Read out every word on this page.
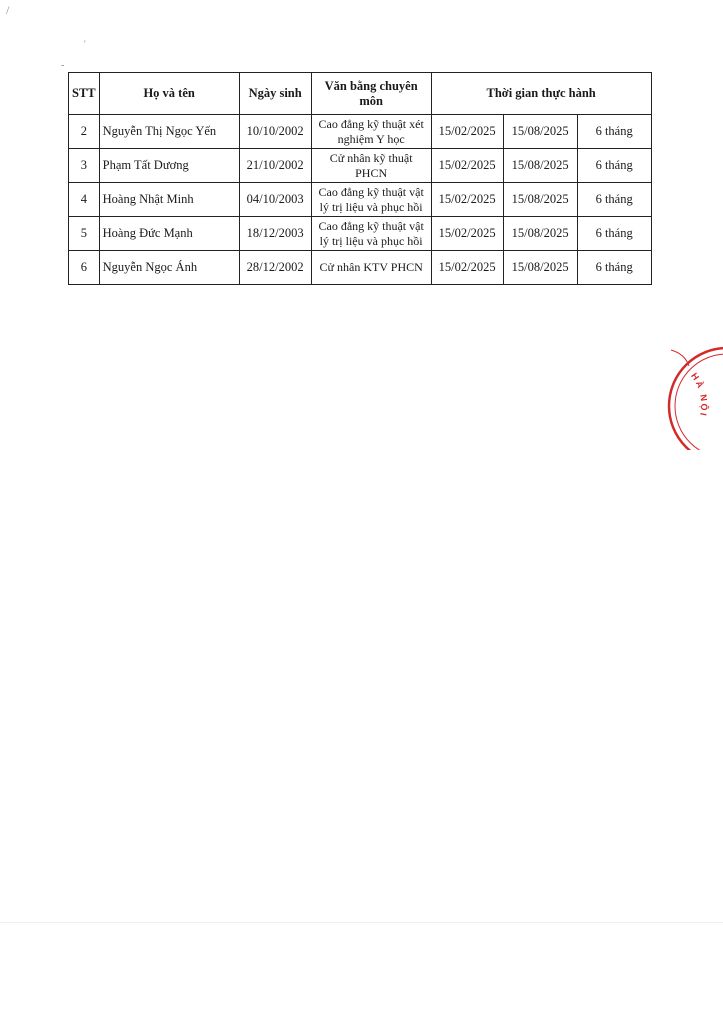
/
'
-
STT	Họ và tên	Ngày sinh	Văn bằng chuyên môn	Thời gian thực hành		
2	Nguyễn Thị Ngọc Yến	10/10/2002	Cao đẳng kỹ thuật xét nghiệm Y học	15/02/2025	15/08/2025	6 tháng
3	Phạm Tất Dương	21/10/2002	Cử nhân kỹ thuật PHCN	15/02/2025	15/08/2025	6 tháng
4	Hoàng Nhật Minh	04/10/2003	Cao đẳng kỹ thuật vật lý trị liệu và phục hồi	15/02/2025	15/08/2025	6 tháng
5	Hoàng Đức Mạnh	18/12/2003	Cao đẳng kỹ thuật vật lý trị liệu và phục hồi	15/02/2025	15/08/2025	6 tháng
6	Nguyễn Ngọc Ánh	28/12/2002	Cử nhân KTV PHCN	15/02/2025	15/08/2025	6 tháng
HÀ NỘI
